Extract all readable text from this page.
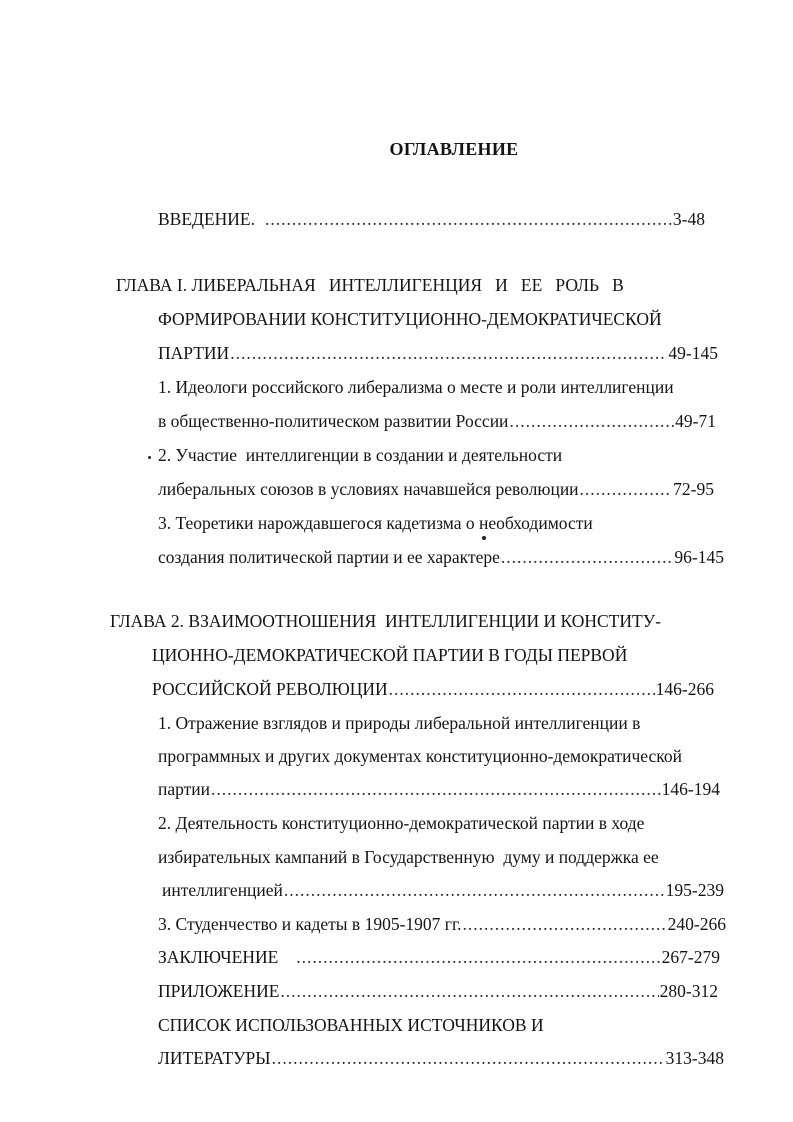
ОГЛАВЛЕНИЕ
ВВЕДЕНИЕ. .....	3-48
ГЛАВА I. ЛИБЕРАЛЬНАЯ   ИНТЕЛЛИГЕНЦИЯ   И   ЕЕ   РОЛЬ   В
ФОРМИРОВАНИИ КОНСТИТУЦИОННО-ДЕМОКРАТИЧЕСКОЙ
ПАРТИИ .....	49-145
1. Идеологи российского либерализма о месте и роли интеллигенции
в общественно-политическом развитии России .....	49-71
2. Участие  интеллигенции в создании и деятельности
либеральных союзов в условиях начавшейся революции .....	72-95
3. Теоретики нарождавшегося кадетизма о необходимости
создания политической партии и ее характере .....	96-145
ГЛАВА 2. ВЗАИМООТНОШЕНИЯ  ИНТЕЛЛИГЕНЦИИ И КОНСТИТУ-
ЦИОННО-ДЕМОКРАТИЧЕСКОЙ ПАРТИИ В ГОДЫ ПЕРВОЙ
РОССИЙСКОЙ РЕВОЛЮЦИИ .....	146-266
1. Отражение взглядов и природы либеральной интеллигенции в
программных и других документах конституционно-демократической
партии .....	146-194
2. Деятельность конституционно-демократической партии в ходе
избирательных кампаний в Государственную  думу и поддержка ее
интеллигенцией .....	195-239
3. Студенчество и кадеты в 1905-1907 гг. .....	240-266
ЗАКЛЮЧЕНИЕ .....	267-279
ПРИЛОЖЕНИЕ .....	280-312
СПИСОК ИСПОЛЬЗОВАННЫХ ИСТОЧНИКОВ И
ЛИТЕРАТУРЫ .....	313-348
